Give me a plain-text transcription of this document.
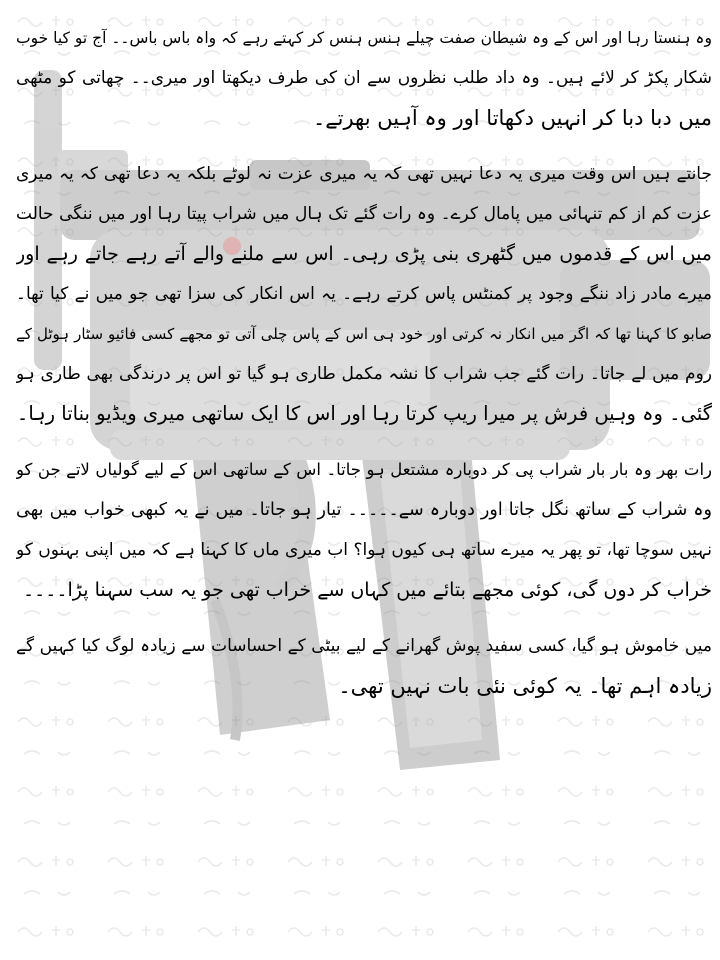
وہ ہنستا رہا اور اس کے وہ شیطان صفت چیلے ہنس ہنس کر کہتے رہے کہ واہ باس باس۔۔ آج تو کیا خوب
شکار پکڑ کر لائے ہیں۔ وہ داد طلب نظروں سے ان کی طرف دیکھتا اور میری۔۔ چھاتی کو مٹھی
میں دبا دبا کر انہیں دکھاتا اور وہ آہیں بھرتے۔
جانتے ہیں اس وقت میری یہ دعا نہیں تھی کہ یہ میری عزت نہ لوٹے بلکہ یہ دعا تھی کہ یہ میری
عزت کم از کم تنہائی میں پامال کرے۔ وہ رات گئے تک ہال میں شراب پیتا رہا اور میں ننگی حالت
میں اس کے قدموں میں گٹھری بنی پڑی رہی۔ اس سے ملنے والے آتے رہے جاتے رہے اور
میرے مادر زاد ننگے وجود پر کمنٹس پاس کرتے رہے۔ یہ اس انکار کی سزا تھی جو میں نے کیا تھا۔
صابو کا کہنا تھا کہ اگر میں انکار نہ کرتی اور خود ہی اس کے پاس چلی آتی تو مجھے کسی فائیو سٹار ہوٹل کے
روم میں لے جاتا۔ رات گئے جب شراب کا نشہ مکمل طاری ہو گیا تو اس پر درندگی بھی طاری ہو
گئی۔ وہ وہیں فرش پر میرا ریپ کرتا رہا اور اس کا ایک ساتھی میری ویڈیو بناتا رہا۔
رات بھر وہ بار بار شراب پی کر دوبارہ مشتعل ہو جاتا۔ اس کے ساتھی اس کے لیے گولیاں لاتے جن کو
وہ شراب کے ساتھ نگل جاتا اور دوبارہ سے۔۔۔۔۔ تیار ہو جاتا۔ میں نے یہ کبھی خواب میں بھی
نہیں سوچا تھا، تو پھر یہ میرے ساتھ ہی کیوں ہوا؟ اب میری ماں کا کہنا ہے کہ میں اپنی بہنوں کو
خراب کر دوں گی، کوئی مجھے بتائے میں کہاں سے خراب تھی جو یہ سب سہنا پڑا۔۔۔۔
میں خاموش ہو گیا، کسی سفید پوش گھرانے کے لیے بیٹی کے احساسات سے زیادہ لوگ کیا کہیں گے
زیادہ اہم تھا۔ یہ کوئی نئی بات نہیں تھی۔
